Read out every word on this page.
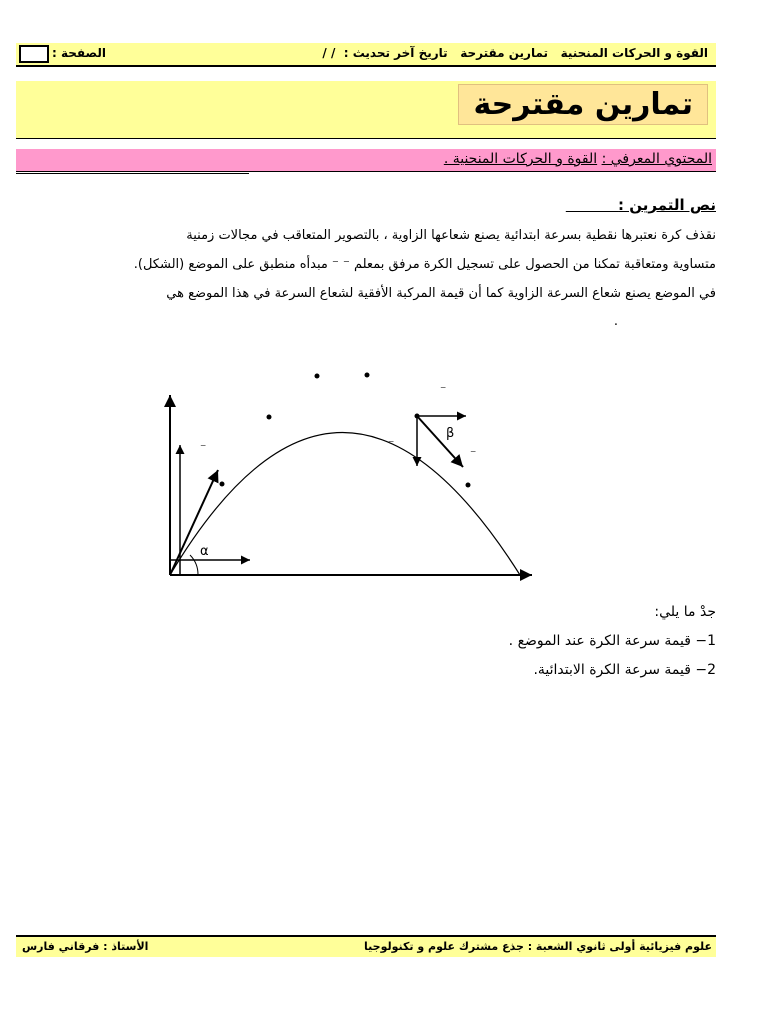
القوة و الحركات المنحنية   تمارين مقترحة   تاريخ آخر تحديث :  / /
الصفحة :
تمارين مقترحة
المحتوي المعرفي : القوة و الحركات المنحنية .
نص التمرين :
نقذف كرة نعتبرها نقطية بسرعة ابتدائية يصنع شعاعها الزاوية ، بالتصوير المتعاقب في مجالات زمنية
متساوية ومتعاقبة تمكنا من الحصول على تسجيل الكرة مرفق بمعلم ⁻ ⁻ مبدأه منطبق على الموضع (الشكل).
في الموضع يصنع شعاع السرعة الزاوية كما أن قيمة المركبة الأفقية لشعاع السرعة في هذا الموضع هي
.
α
⁻
β
⁻
⁻
⁻
جدْ ما يلي:
1− قيمة سرعة الكرة عند الموضع .
2− قيمة سرعة الكرة الابتدائية.
علوم فيزيائية أولى ثانوي الشعبة : جذع مشترك علوم و تكنولوجيا
الأستاذ : فرقاني فارس
